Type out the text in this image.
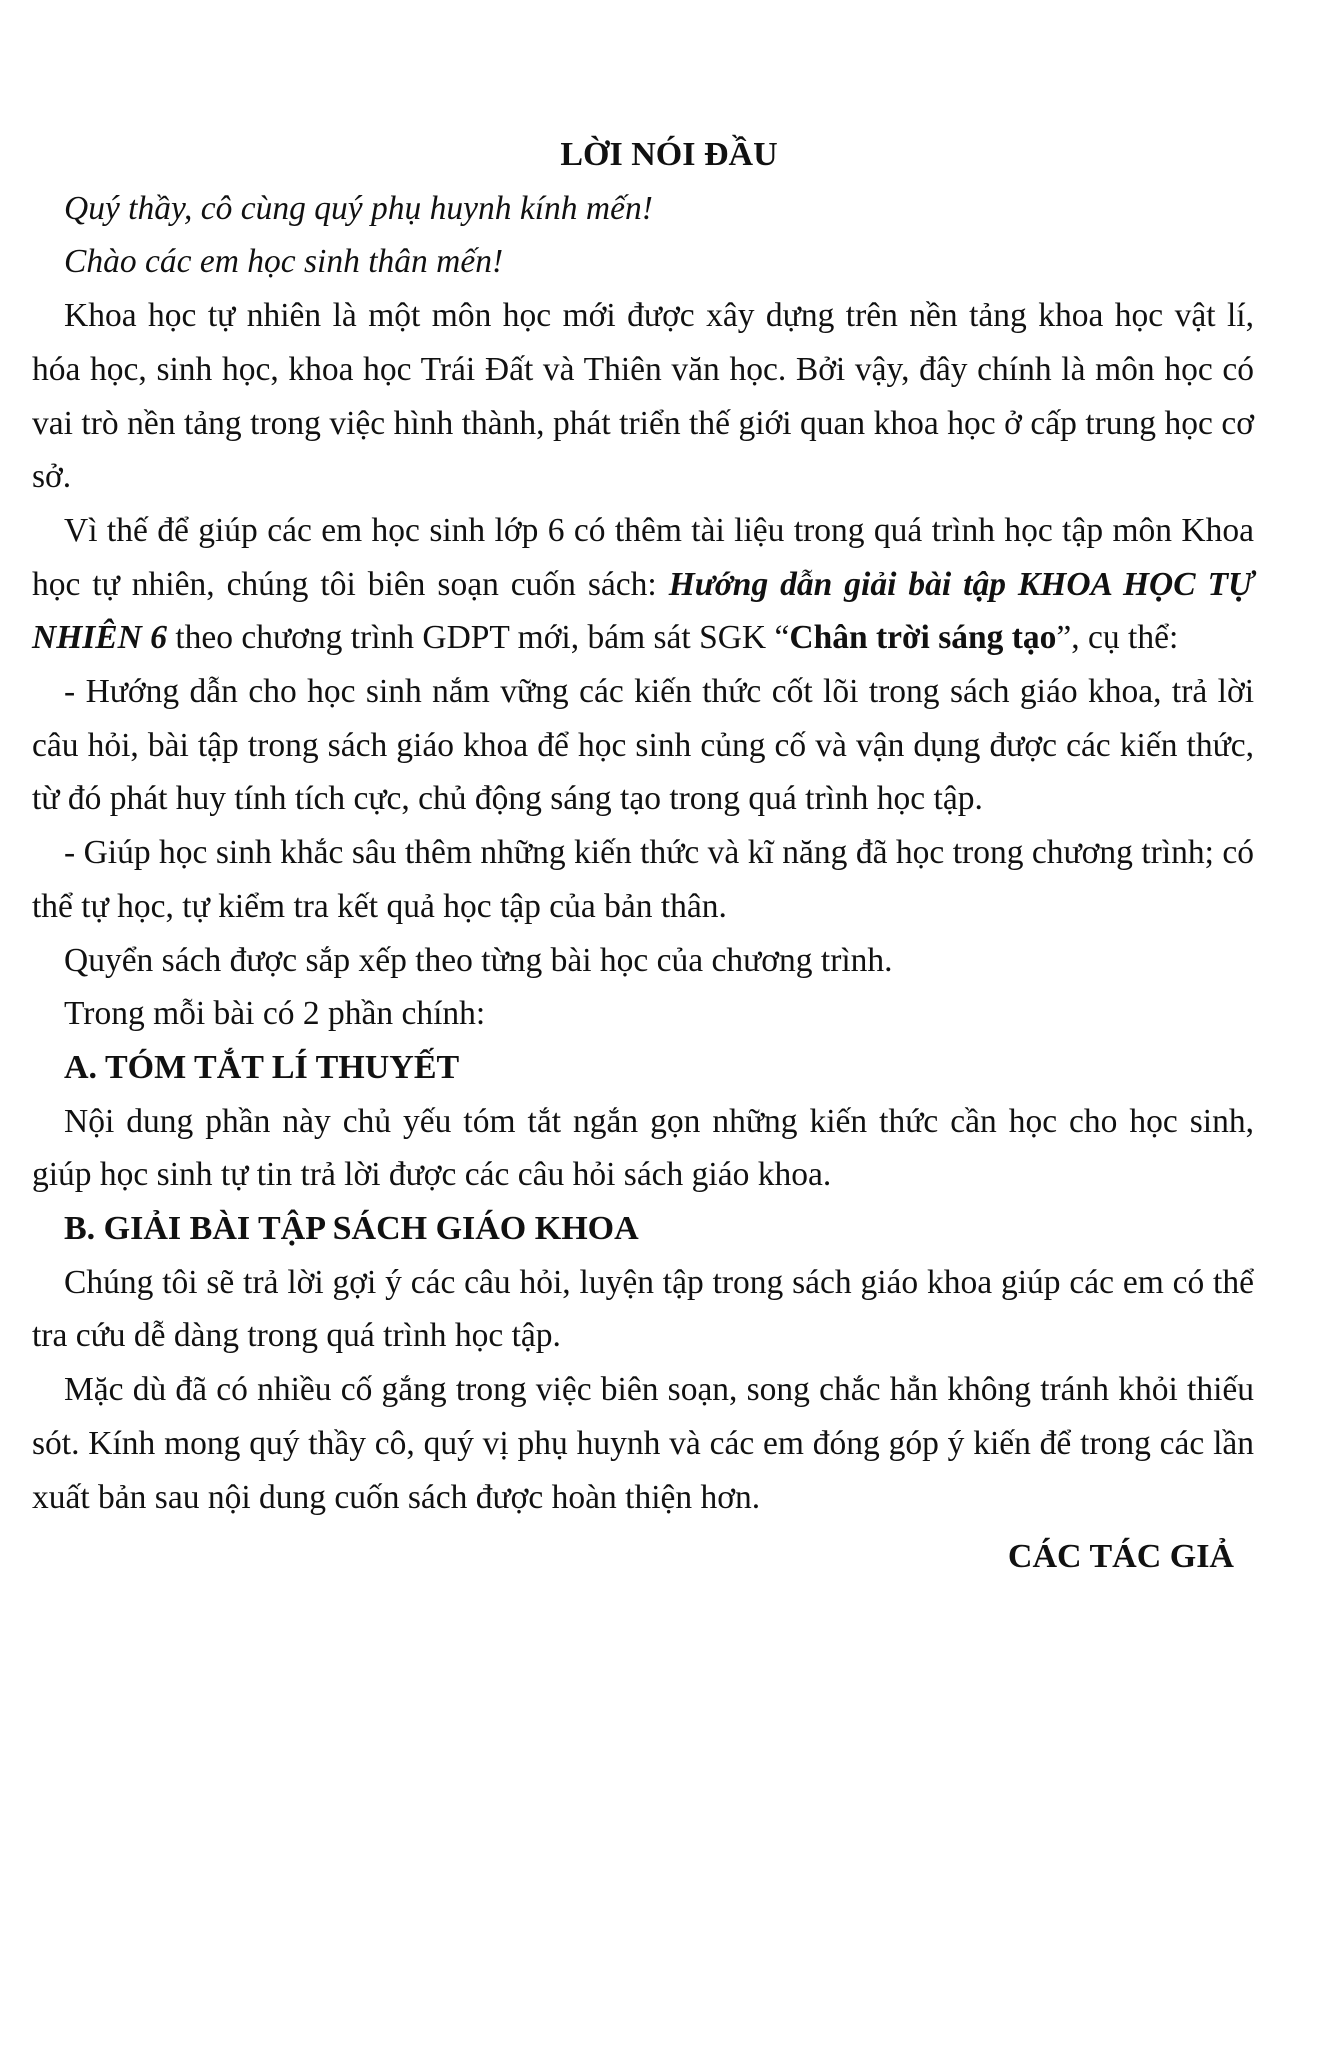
LỜI NÓI ĐẦU

Quý thầy, cô cùng quý phụ huynh kính mến!

Chào các em học sinh thân mến!

Khoa học tự nhiên là một môn học mới được xây dựng trên nền tảng khoa học vật lí, hóa học, sinh học, khoa học Trái Đất và Thiên văn học. Bởi vậy, đây chính là môn học có vai trò nền tảng trong việc hình thành, phát triển thế giới quan khoa học ở cấp trung học cơ sở.

Vì thế để giúp các em học sinh lớp 6 có thêm tài liệu trong quá trình học tập môn Khoa học tự nhiên, chúng tôi biên soạn cuốn sách: Hướng dẫn giải bài tập KHOA HỌC TỰ NHIÊN 6 theo chương trình GDPT mới, bám sát SGK “Chân trời sáng tạo”, cụ thể:

- Hướng dẫn cho học sinh nắm vững các kiến thức cốt lõi trong sách giáo khoa, trả lời câu hỏi, bài tập trong sách giáo khoa để học sinh củng cố và vận dụng được các kiến thức, từ đó phát huy tính tích cực, chủ động sáng tạo trong quá trình học tập.

- Giúp học sinh khắc sâu thêm những kiến thức và kĩ năng đã học trong chương trình; có thể tự học, tự kiểm tra kết quả học tập của bản thân.

Quyển sách được sắp xếp theo từng bài học của chương trình.

Trong mỗi bài có 2 phần chính:

A. TÓM TẮT LÍ THUYẾT

Nội dung phần này chủ yếu tóm tắt ngắn gọn những kiến thức cần học cho học sinh, giúp học sinh tự tin trả lời được các câu hỏi sách giáo khoa.

B. GIẢI BÀI TẬP SÁCH GIÁO KHOA

Chúng tôi sẽ trả lời gợi ý các câu hỏi, luyện tập trong sách giáo khoa giúp các em có thể tra cứu dễ dàng trong quá trình học tập.

Mặc dù đã có nhiều cố gắng trong việc biên soạn, song chắc hẳn không tránh khỏi thiếu sót. Kính mong quý thầy cô, quý vị phụ huynh và các em đóng góp ý kiến để trong các lần xuất bản sau nội dung cuốn sách được hoàn thiện hơn.

CÁC TÁC GIẢ
